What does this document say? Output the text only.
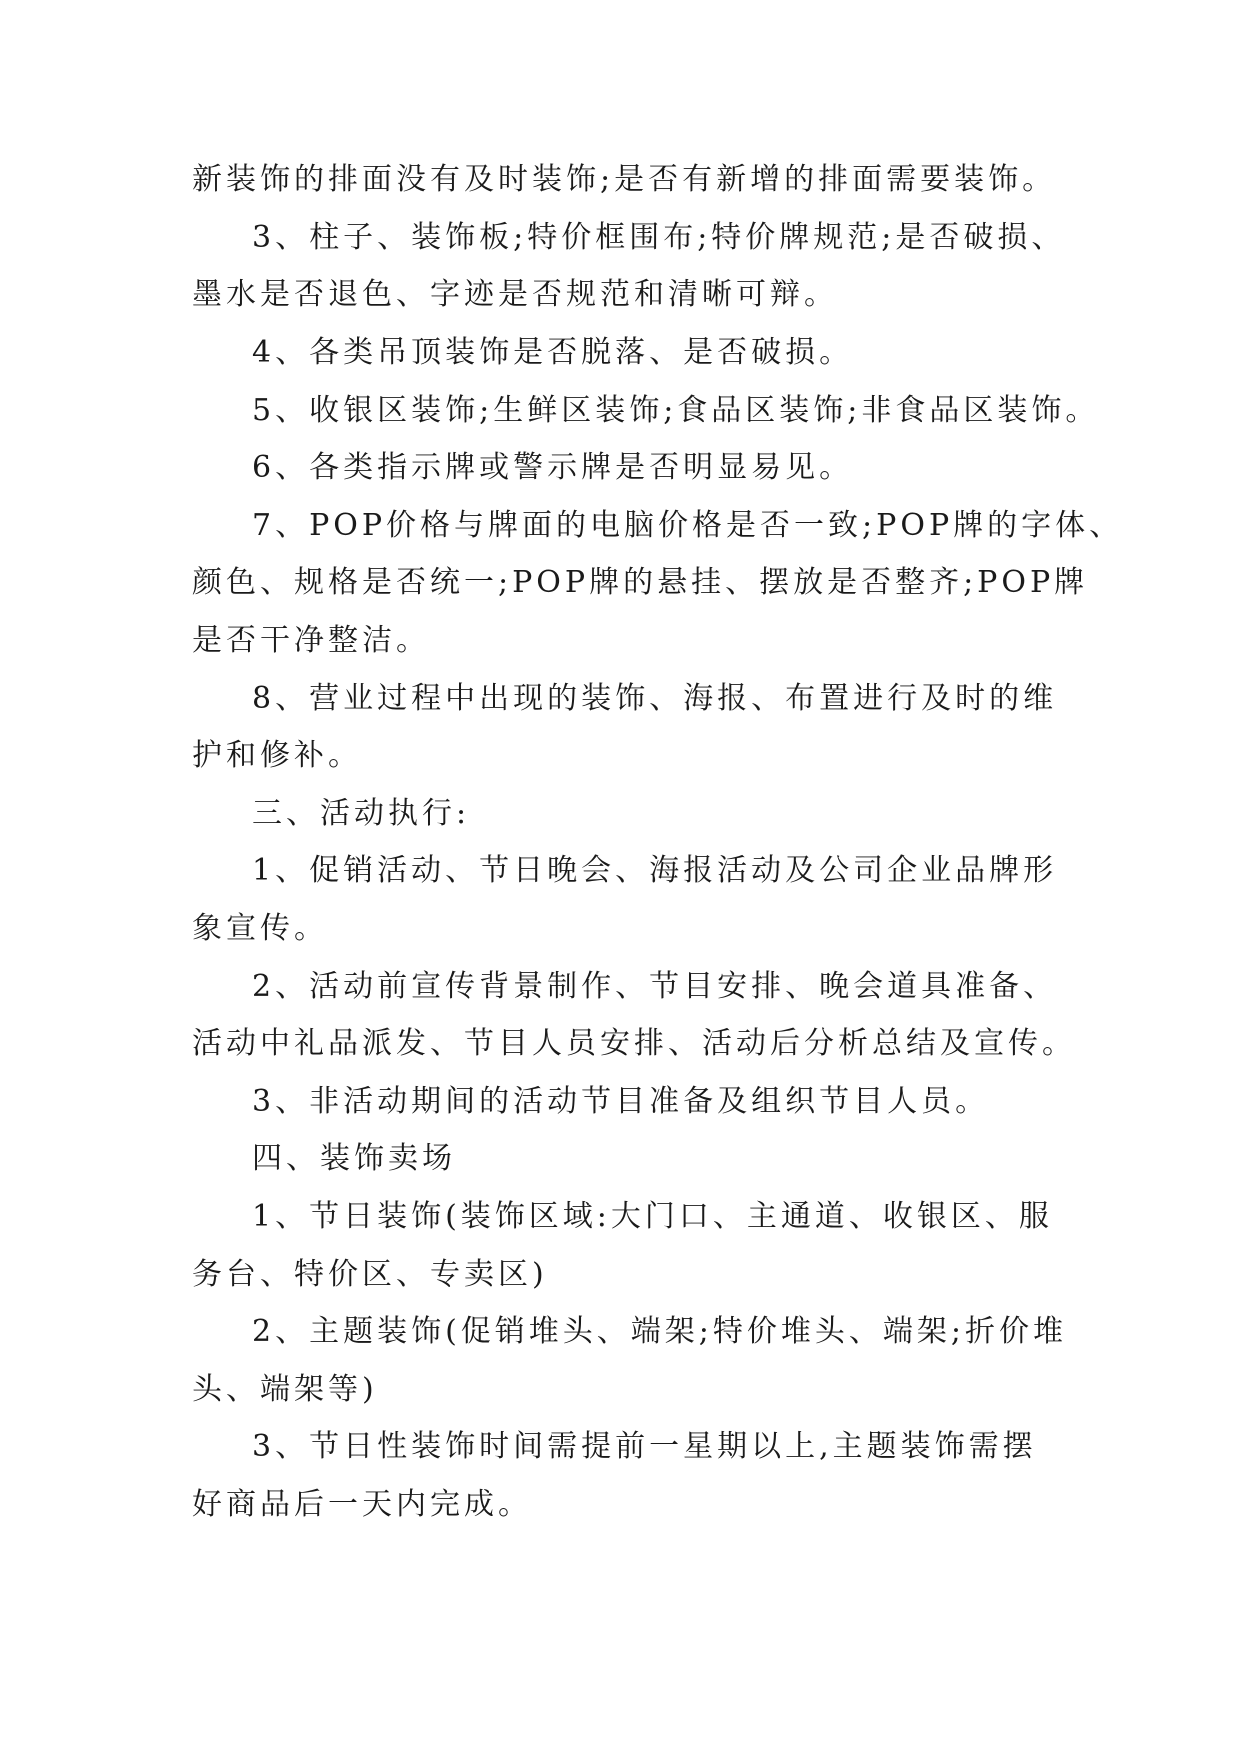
新装饰的排面没有及时装饰;是否有新增的排面需要装饰。

3、柱子、装饰板;特价框围布;特价牌规范;是否破损、

墨水是否退色、字迹是否规范和清晰可辩。

4、各类吊顶装饰是否脱落、是否破损。

5、收银区装饰;生鲜区装饰;食品区装饰;非食品区装饰。

6、各类指示牌或警示牌是否明显易见。

7、POP价格与牌面的电脑价格是否一致;POP牌的字体、

颜色、规格是否统一;POP牌的悬挂、摆放是否整齐;POP牌

是否干净整洁。

8、营业过程中出现的装饰、海报、布置进行及时的维

护和修补。

三、活动执行:

1、促销活动、节日晚会、海报活动及公司企业品牌形

象宣传。

2、活动前宣传背景制作、节目安排、晚会道具准备、

活动中礼品派发、节目人员安排、活动后分析总结及宣传。

3、非活动期间的活动节目准备及组织节目人员。

四、装饰卖场

1、节日装饰(装饰区域:大门口、主通道、收银区、服

务台、特价区、专卖区)

2、主题装饰(促销堆头、端架;特价堆头、端架;折价堆

头、端架等)

3、节日性装饰时间需提前一星期以上,主题装饰需摆

好商品后一天内完成。
